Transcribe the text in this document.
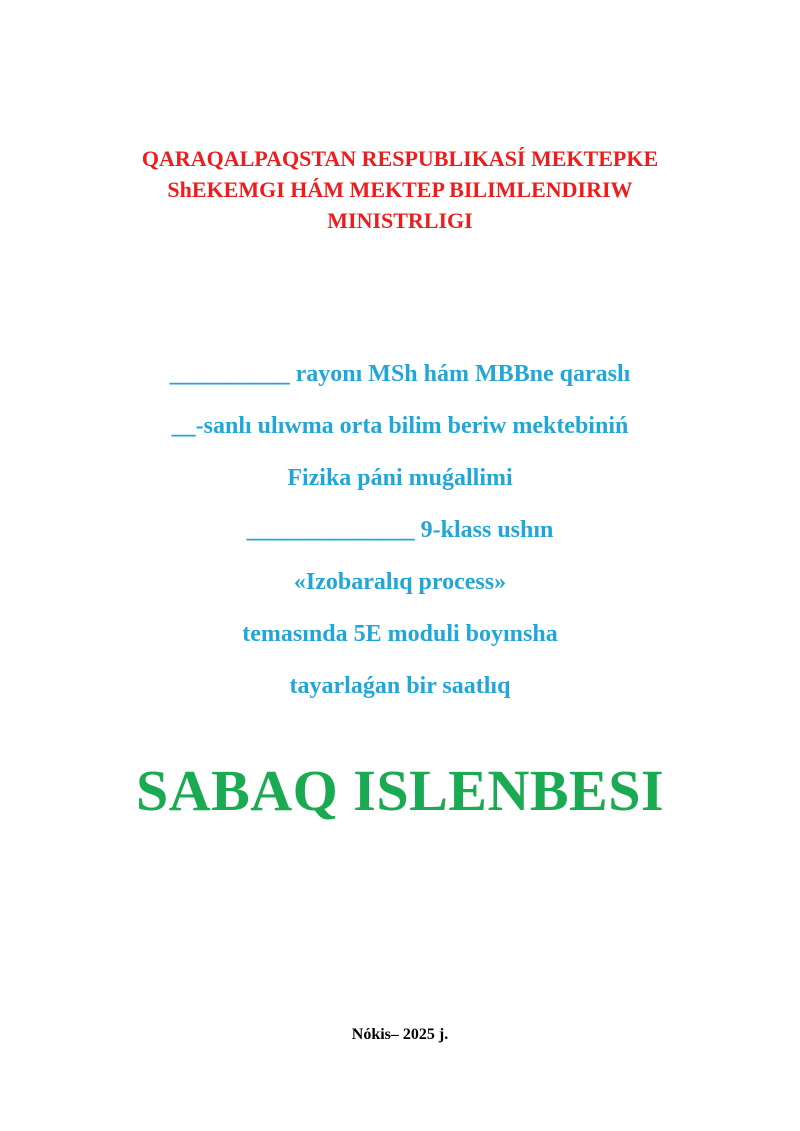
QARAQALPAQSTAN RESPUBLIKASÍ MEKTEPKE
ShEKEMGI HÁM MEKTEP BILIMLENDIRIW
MINISTRLIGI
__________ rayonı MSh hám MBBne qaraslı
__-sanlı ulıwma orta bilim beriw mektebiniń
Fizika páni muǵallimi
______________ 9-klass ushın
«Izobaralıq process»
temasında 5E moduli boyınsha
tayarlaǵan bir saatlıq
SABAQ ISLENBESI
Nókis– 2025 j.
